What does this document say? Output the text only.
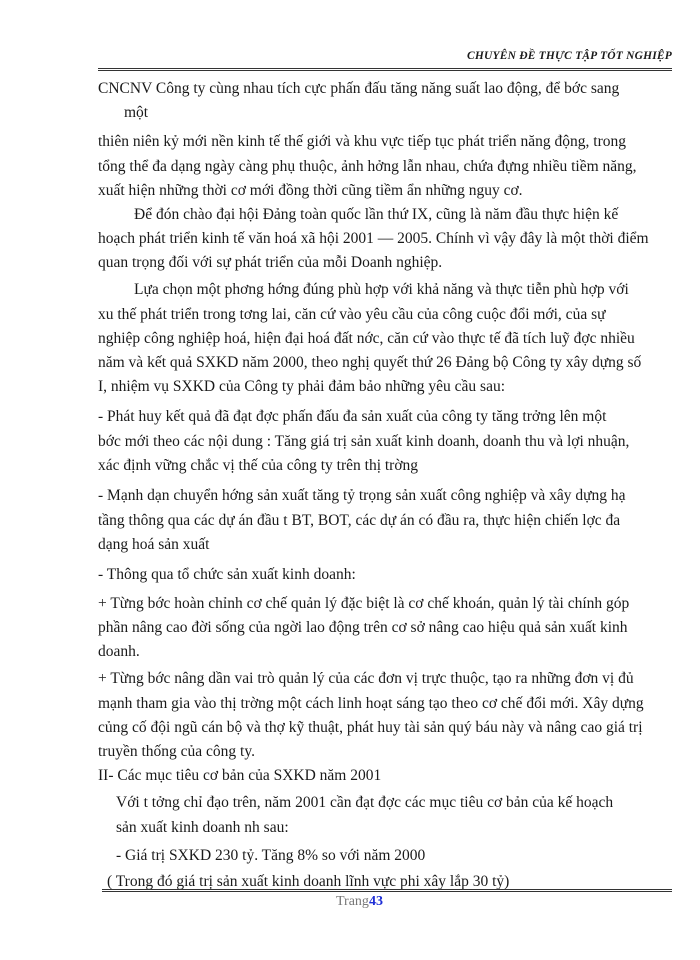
CHUYÊN ĐỀ THỰC TẬP TỐT NGHIỆP
CNCNV Công ty cùng nhau tích cực phấn đấu tăng năng suất lao động, để bớc sang
một
thiên niên kỷ mới nền kinh tế thế giới và khu vực tiếp tục phát triển năng động, trong
tổng thể đa dạng ngày càng phụ thuộc, ảnh hởng lẫn nhau, chứa đựng nhiều tiềm năng,
xuất hiện những thời cơ mới đồng thời cũng tiềm ẩn những nguy cơ.
Để đón chào đại hội Đảng toàn quốc lần thứ IX, cũng là năm đầu thực hiện kế
hoạch phát triển kinh tế văn hoá xã hội 2001 — 2005. Chính vì vậy đây là một thời điểm
quan trọng đối với sự phát triển của mỗi Doanh nghiệp.
Lựa chọn một phơng hớng đúng phù hợp với khả năng và thực tiễn phù hợp với
xu thế phát triển trong tơng lai, căn cứ vào yêu cầu của công cuộc đổi mới, của sự
nghiệp công nghiệp hoá, hiện đại hoá đất nớc, căn cứ vào thực tế đã tích luỹ đợc nhiều
năm và kết quả SXKD năm 2000, theo nghị quyết thứ 26 Đảng bộ Công ty xây dựng số
I, nhiệm vụ SXKD của Công ty phải đảm bảo những yêu cầu sau:
- Phát huy kết quả đã đạt đợc phấn đấu đa sản xuất của công ty tăng trởng lên một
bớc mới theo các nội dung : Tăng giá trị sản xuất kinh doanh, doanh thu và lợi nhuận,
xác định vững chắc vị thế của công ty trên thị trờng
- Mạnh dạn chuyển hớng sản xuất tăng tỷ trọng sản xuất công nghiệp và xây dựng hạ
tầng thông qua các dự án đầu t BT, BOT, các dự án có đầu ra, thực hiện chiến lợc đa
dạng hoá sản xuất
- Thông qua tổ chức sản xuất kinh doanh:
+ Từng bớc hoàn chỉnh cơ chế quản lý đặc biệt là cơ chế khoán, quản lý tài chính góp
phần nâng cao đời sống của ngời lao động trên cơ sở nâng cao hiệu quả sản xuất kinh
doanh.
+ Từng bớc nâng dần vai trò quản lý của các đơn vị trực thuộc, tạo ra những đơn vị đủ
mạnh tham gia vào thị trờng một cách linh hoạt sáng tạo theo cơ chế đổi mới. Xây dựng
củng cố đội ngũ cán bộ và thợ kỹ thuật, phát huy tài sản quý báu này và nâng cao giá trị
truyền thống của công ty.
II- Các mục tiêu cơ bản của SXKD năm 2001
Với t tởng chỉ đạo trên, năm 2001 cần đạt đợc các mục tiêu cơ bản của kế hoạch
sản xuất kinh doanh nh sau:
- Giá trị SXKD 230 tỷ. Tăng 8% so với năm 2000
( Trong đó giá trị sản xuất kinh doanh lĩnh vực phi xây lắp 30 tỷ)
Trang43
